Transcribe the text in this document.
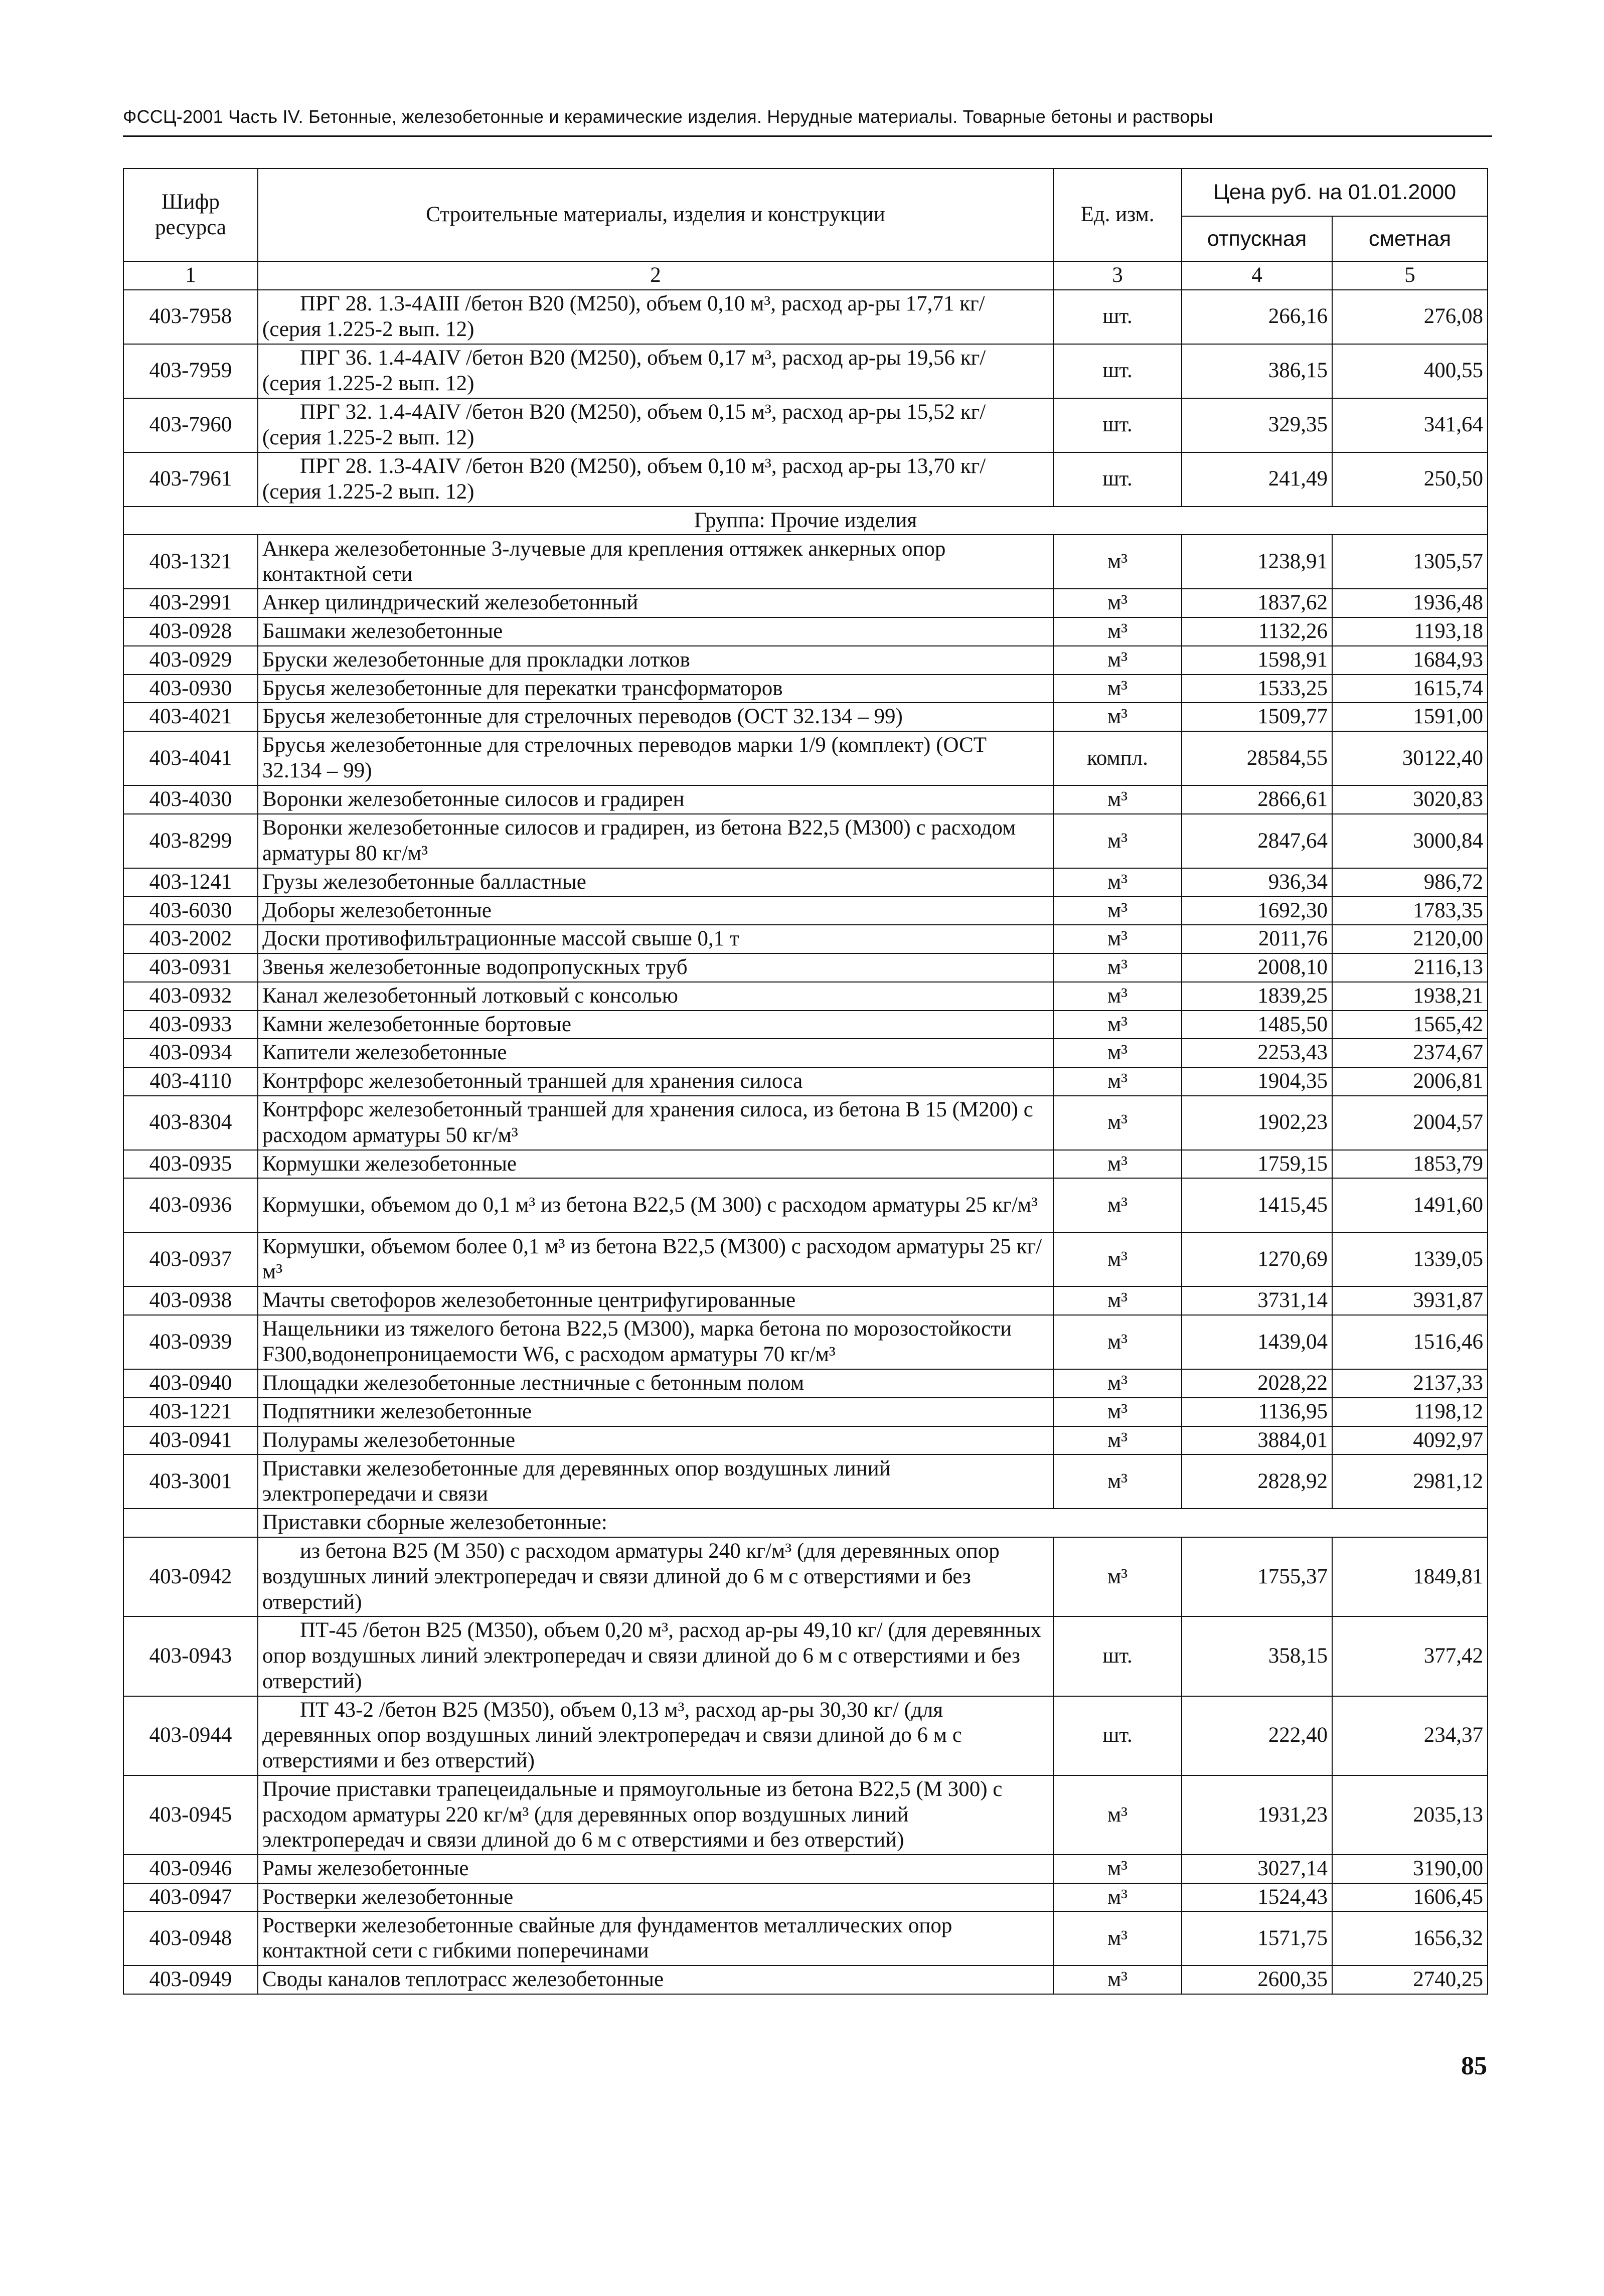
ФССЦ-2001 Часть IV. Бетонные, железобетонные и керамические изделия. Нерудные материалы. Товарные бетоны и растворы
Шифр ресурса	Строительные материалы, изделия и конструкции	Ед. изм.	Цена руб. на 01.01.2000	
			отпускная	сметная
1	2	3	4	5
403-7958	ПРГ 28. 1.3-4АIII /бетон В20 (М250), объем 0,10 м³, расход ар-ры 17,71 кг/ (серия 1.225-2 вып. 12)	шт.	266,16	276,08
403-7959	ПРГ 36. 1.4-4АIV /бетон В20 (М250), объем 0,17 м³, расход ар-ры 19,56 кг/ (серия 1.225-2 вып. 12)	шт.	386,15	400,55
403-7960	ПРГ 32. 1.4-4АIV /бетон В20 (М250), объем 0,15 м³, расход ар-ры 15,52 кг/ (серия 1.225-2 вып. 12)	шт.	329,35	341,64
403-7961	ПРГ 28. 1.3-4АIV /бетон В20 (М250), объем 0,10 м³, расход ар-ры 13,70 кг/ (серия 1.225-2 вып. 12)	шт.	241,49	250,50
Группа: Прочие изделия				
403-1321	Анкера железобетонные 3-лучевые для крепления оттяжек анкерных опор контактной сети	м³	1238,91	1305,57
403-2991	Анкер цилиндрический железобетонный	м³	1837,62	1936,48
403-0928	Башмаки железобетонные	м³	1132,26	1193,18
403-0929	Бруски железобетонные для прокладки лотков	м³	1598,91	1684,93
403-0930	Брусья железобетонные для перекатки трансформаторов	м³	1533,25	1615,74
403-4021	Брусья железобетонные для стрелочных переводов (ОСТ 32.134 – 99)	м³	1509,77	1591,00
403-4041	Брусья железобетонные для стрелочных переводов марки 1/9 (комплект) (ОСТ 32.134 – 99)	компл.	28584,55	30122,40
403-4030	Воронки железобетонные силосов и градирен	м³	2866,61	3020,83
403-8299	Воронки железобетонные силосов и градирен, из бетона В22,5 (М300) с расходом арматуры 80 кг/м³	м³	2847,64	3000,84
403-1241	Грузы железобетонные балластные	м³	936,34	986,72
403-6030	Доборы железобетонные	м³	1692,30	1783,35
403-2002	Доски противофильтрационные массой свыше 0,1 т	м³	2011,76	2120,00
403-0931	Звенья железобетонные водопропускных труб	м³	2008,10	2116,13
403-0932	Канал железобетонный лотковый с консолью	м³	1839,25	1938,21
403-0933	Камни железобетонные бортовые	м³	1485,50	1565,42
403-0934	Капители железобетонные	м³	2253,43	2374,67
403-4110	Контрфорс железобетонный траншей для хранения силоса	м³	1904,35	2006,81
403-8304	Контрфорс железобетонный траншей для хранения силоса, из бетона В 15 (М200) с расходом арматуры 50 кг/м³	м³	1902,23	2004,57
403-0935	Кормушки железобетонные	м³	1759,15	1853,79
403-0936	Кормушки, объемом до 0,1 м³ из бетона В22,5 (М 300) с расходом арматуры 25 кг/м³	м³	1415,45	1491,60
403-0937	Кормушки, объемом более 0,1 м³ из бетона В22,5 (М300) с расходом арматуры 25 кг/м³	м³	1270,69	1339,05
403-0938	Мачты светофоров железобетонные центрифугированные	м³	3731,14	3931,87
403-0939	Нащельники из тяжелого бетона В22,5 (М300), марка бетона по морозостойкости F300,водонепроницаемости W6, с расходом арматуры 70 кг/м³	м³	1439,04	1516,46
403-0940	Площадки железобетонные лестничные с бетонным полом	м³	2028,22	2137,33
403-1221	Подпятники железобетонные	м³	1136,95	1198,12
403-0941	Полурамы железобетонные	м³	3884,01	4092,97
403-3001	Приставки железобетонные для деревянных опор воздушных линий электропередачи и связи	м³	2828,92	2981,12
	Приставки сборные железобетонные:			
403-0942	из бетона В25 (М 350) с расходом арматуры 240 кг/м³ (для деревянных опор воздушных линий электропередач и связи длиной до 6 м с отверстиями и без отверстий)	м³	1755,37	1849,81
403-0943	ПТ-45 /бетон В25 (М350), объем 0,20 м³, расход ар-ры 49,10 кг/ (для деревянных опор воздушных линий электропередач и связи длиной до 6 м с отверстиями и без отверстий)	шт.	358,15	377,42
403-0944	ПТ 43-2 /бетон В25 (М350), объем 0,13 м³, расход ар-ры 30,30 кг/ (для деревянных опор воздушных линий электропередач и связи длиной до 6 м с отверстиями и без отверстий)	шт.	222,40	234,37
403-0945	Прочие приставки трапецеидальные и прямоугольные из бетона В22,5 (М 300) с расходом арматуры 220 кг/м³ (для деревянных опор воздушных линий электропередач и связи длиной до 6 м с отверстиями и без отверстий)	м³	1931,23	2035,13
403-0946	Рамы железобетонные	м³	3027,14	3190,00
403-0947	Ростверки железобетонные	м³	1524,43	1606,45
403-0948	Ростверки железобетонные свайные для фундаментов металлических опор контактной сети с гибкими поперечинами	м³	1571,75	1656,32
403-0949	Своды каналов теплотрасс железобетонные	м³	2600,35	2740,25
85
